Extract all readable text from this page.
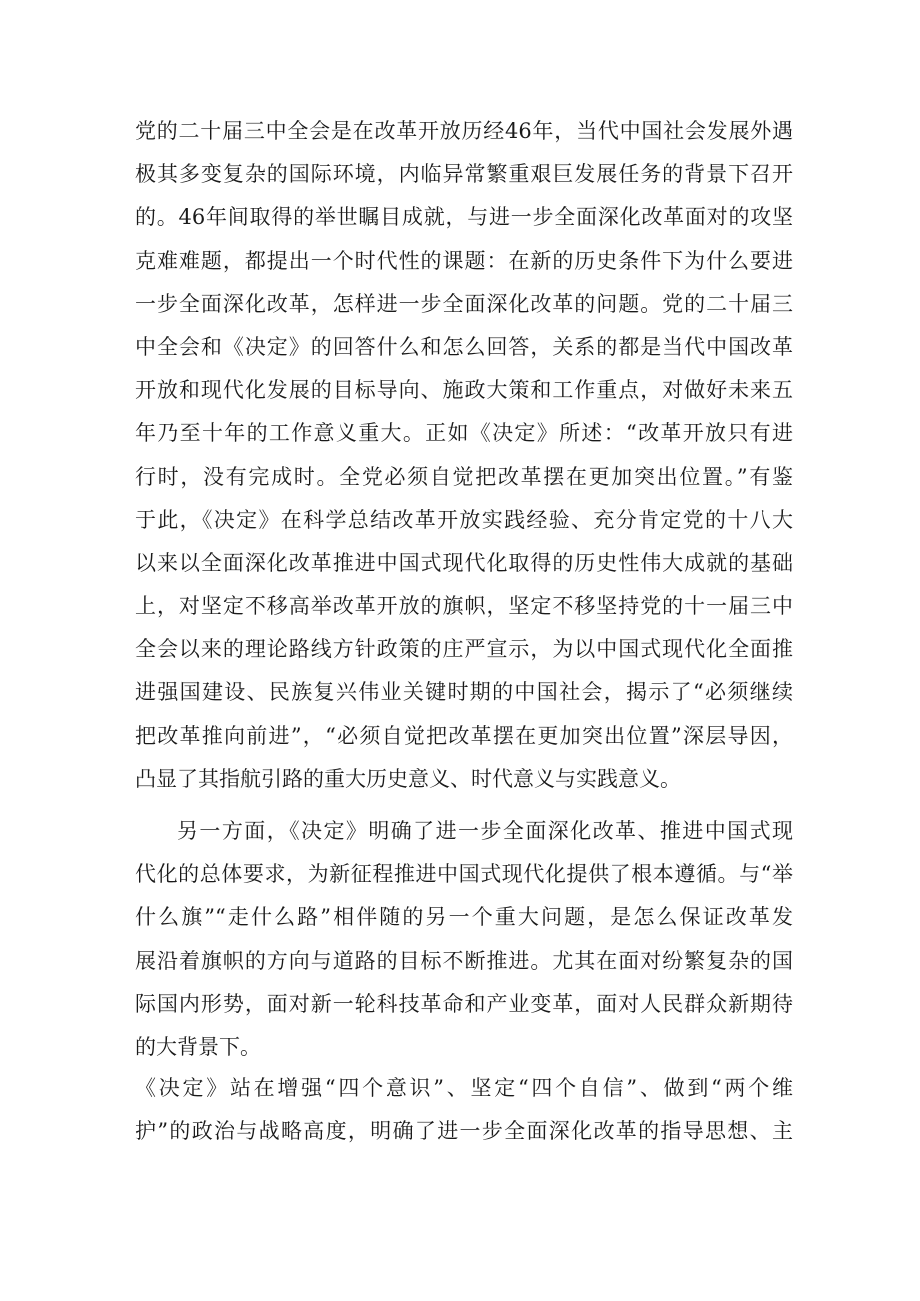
党的二十届三中全会是在改革开放历经46年，当代中国社会发展外遇
极其多变复杂的国际环境，内临异常繁重艰巨发展任务的背景下召开
的。46年间取得的举世瞩目成就，与进一步全面深化改革面对的攻坚
克难难题，都提出一个时代性的课题：在新的历史条件下为什么要进
一步全面深化改革，怎样进一步全面深化改革的问题。党的二十届三
中全会和《决定》的回答什么和怎么回答，关系的都是当代中国改革
开放和现代化发展的目标导向、施政大策和工作重点，对做好未来五
年乃至十年的工作意义重大。正如《决定》所述：“改革开放只有进
行时，没有完成时。全党必须自觉把改革摆在更加突出位置。”有鉴
于此，《决定》在科学总结改革开放实践经验、充分肯定党的十八大
以来以全面深化改革推进中国式现代化取得的历史性伟大成就的基础
上，对坚定不移高举改革开放的旗帜，坚定不移坚持党的十一届三中
全会以来的理论路线方针政策的庄严宣示，为以中国式现代化全面推
进强国建设、民族复兴伟业关键时期的中国社会，揭示了“必须继续
把改革推向前进”，“必须自觉把改革摆在更加突出位置”深层导因，
凸显了其指航引路的重大历史意义、时代意义与实践意义。
另一方面，《决定》明确了进一步全面深化改革、推进中国式现
代化的总体要求，为新征程推进中国式现代化提供了根本遵循。与“举
什么旗”“走什么路”相伴随的另一个重大问题，是怎么保证改革发
展沿着旗帜的方向与道路的目标不断推进。尤其在面对纷繁复杂的国
际国内形势，面对新一轮科技革命和产业变革，面对人民群众新期待
的大背景下。
《决定》站在增强“四个意识”、坚定“四个自信”、做到“两个维
护”的政治与战略高度，明确了进一步全面深化改革的指导思想、主
